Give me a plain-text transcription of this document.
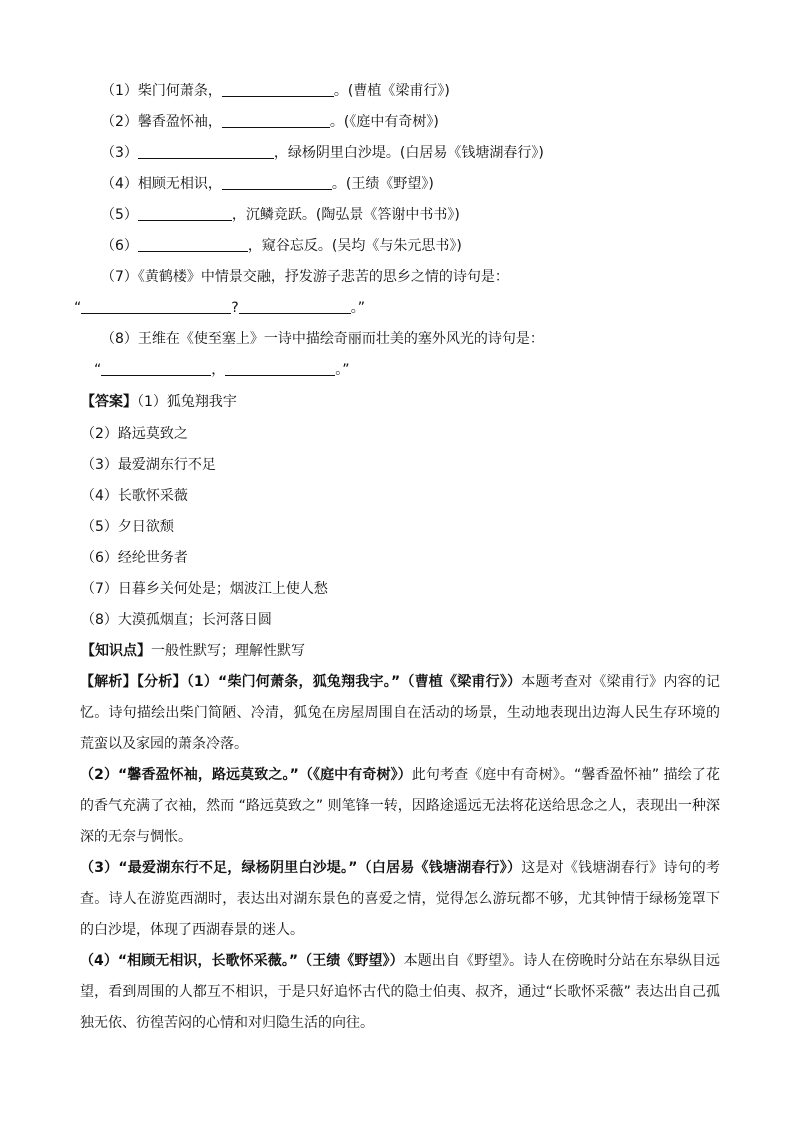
（1）柴门何萧条，	。(曹植《梁甫行》)
（2）馨香盈怀袖，	。(《庭中有奇树》)
（3）	，绿杨阴里白沙堤。(白居易《钱塘湖春行》)
（4）相顾无相识，	。(王绩《野望》)
（5）	，沉鳞竞跃。(陶弘景《答谢中书书》)
（6）	，窥谷忘反。(吴均《与朱元思书》)
（7）《黄鹤楼》中情景交融，抒发游子悲苦的思乡之情的诗句是：
“	?	。”
（8）王维在《使至塞上》一诗中描绘奇丽而壮美的塞外风光的诗句是：
“	，	。”
【答案】（1）狐兔翔我宇
（2）路远莫致之
（3）最爱湖东行不足
（4）长歌怀采薇
（5）夕日欲颓
（6）经纶世务者
（7）日暮乡关何处是；烟波江上使人愁
（8）大漠孤烟直；长河落日圆
【知识点】一般性默写；理解性默写

【解析】【分析】（1）“柴门何萧条，狐兔翔我宇。”（曹植《梁甫行》）本题考查对《梁甫行》内容的记忆。诗句描绘出柴门简陋、冷清，狐兔在房屋周围自在活动的场景，生动地表现出边海人民生存环境的荒蛮以及家园的萧条冷落。

（2）“馨香盈怀袖，路远莫致之。”（《庭中有奇树》）此句考查《庭中有奇树》。“馨香盈怀袖” 描绘了花的香气充满了衣袖，然而 “路远莫致之” 则笔锋一转，因路途遥远无法将花送给思念之人，表现出一种深深的无奈与惆怅。

（3）“最爱湖东行不足，绿杨阴里白沙堤。”（白居易《钱塘湖春行》）这是对《钱塘湖春行》诗句的考查。诗人在游览西湖时，表达出对湖东景色的喜爱之情，觉得怎么游玩都不够，尤其钟情于绿杨笼罩下的白沙堤，体现了西湖春景的迷人。

（4）“相顾无相识，长歌怀采薇。”（王绩《野望》）本题出自《野望》。诗人在傍晚时分站在东皋纵目远望，看到周围的人都互不相识，于是只好追怀古代的隐士伯夷、叔齐，通过“长歌怀采薇” 表达出自己孤独无依、彷徨苦闷的心情和对归隐生活的向往。
